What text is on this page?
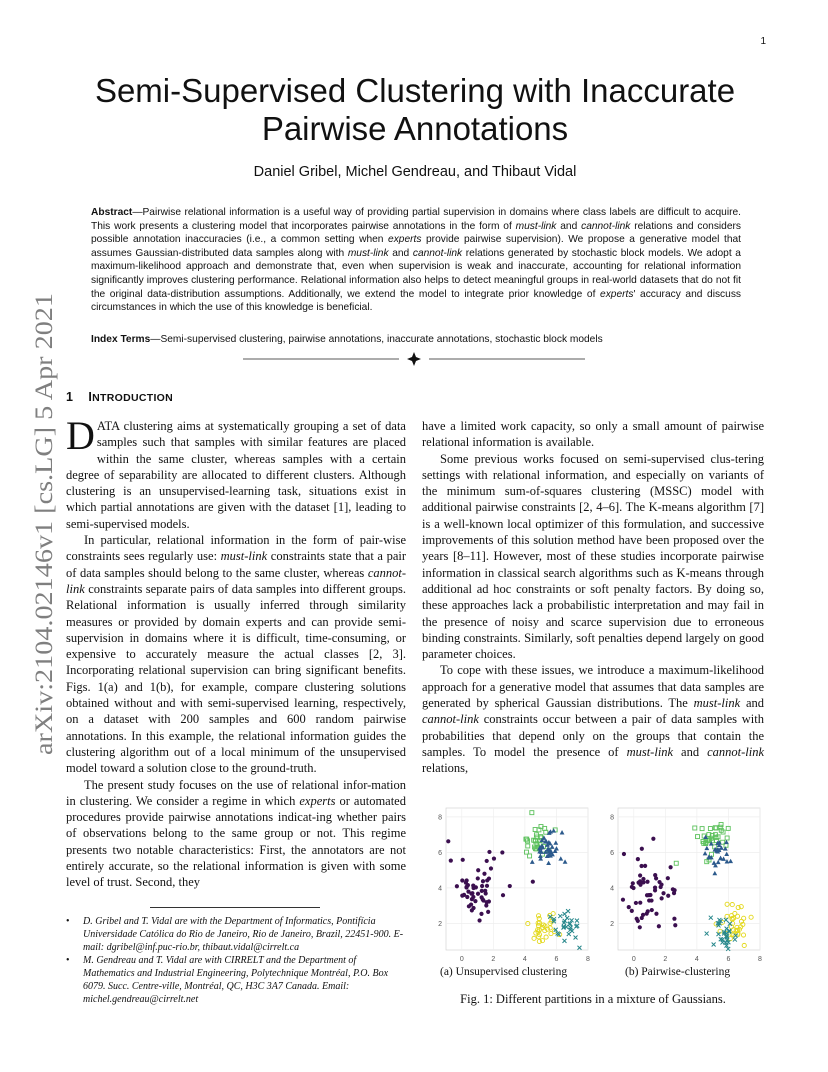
1
arXiv:2104.02146v1 [cs.LG] 5 Apr 2021
Semi-Supervised Clustering with Inaccurate Pairwise Annotations
Daniel Gribel, Michel Gendreau, and Thibaut Vidal
Abstract—Pairwise relational information is a useful way of providing partial supervision in domains where class labels are difficult to acquire. This work presents a clustering model that incorporates pairwise annotations in the form of must-link and cannot-link relations and considers possible annotation inaccuracies (i.e., a common setting when experts provide pairwise supervision). We propose a generative model that assumes Gaussian-distributed data samples along with must-link and cannot-link relations generated by stochastic block models. We adopt a maximum-likelihood approach and demonstrate that, even when supervision is weak and inaccurate, accounting for relational information significantly improves clustering performance. Relational information also helps to detect meaningful groups in real-world datasets that do not fit the original data-distribution assumptions. Additionally, we extend the model to integrate prior knowledge of experts' accuracy and discuss circumstances in which the use of this knowledge is beneficial.
Index Terms—Semi-supervised clustering, pairwise annotations, inaccurate annotations, stochastic block models
1 INTRODUCTION

DATA clustering aims at systematically grouping a set of data samples such that samples with similar features are placed within the same cluster, whereas samples with a certain degree of separability are allocated to different clusters. Although clustering is an unsupervised-learning task, situations exist in which partial annotations are given with the dataset [1], leading to semi-supervised models.

In particular, relational information in the form of pair-wise constraints sees regularly use: must-link constraints state that a pair of data samples should belong to the same cluster, whereas cannot-link constraints separate pairs of data samples into different groups. Relational information is usually inferred through similarity measures or provided by domain experts and can provide semi-supervision in domains where it is difficult, time-consuming, or expensive to accurately measure the actual classes [2, 3]. Incorporating relational supervision can bring significant benefits. Figs. 1(a) and 1(b), for example, compare clustering solutions obtained without and with semi-supervised learning, respectively, on a dataset with 200 samples and 600 random pairwise annotations. In this example, the relational information guides the clustering algorithm out of a local minimum of the unsupervised model toward a solution close to the ground-truth.

The present study focuses on the use of relational infor-mation in clustering. We consider a regime in which experts or automated procedures provide pairwise annotations indicat-ing whether pairs of observations belong to the same group or not. This regime presents two notable characteristics: First, the annotators are not entirely accurate, so the relational information is given with some level of trust. Second, they

• D. Gribel and T. Vidal are with the Department of Informatics, Pontifícia Universidade Católica do Rio de Janeiro, Rio de Janeiro, Brazil, 22451-900. E-mail: dgribel@inf.puc-rio.br, thibaut.vidal@cirrelt.ca
• M. Gendreau and T. Vidal are with CIRRELT and the Department of Mathematics and Industrial Engineering, Polytechnique Montréal, P.O. Box 6079. Succ. Centre-ville, Montréal, QC, H3C 3A7 Canada. Email: michel.gendreau@cirrelt.net

have a limited work capacity, so only a small amount of pairwise relational information is available.

Some previous works focused on semi-supervised clus-tering settings with relational information, and especially on variants of the minimum sum-of-squares clustering (MSSC) model with additional pairwise constraints [2, 4–6]. The K-means algorithm [7] is a well-known local optimizer of this formulation, and successive improvements of this solution method have been proposed over the years [8–11]. However, most of these studies incorporate pairwise information in classical search algorithms such as K-means through additional ad hoc constraints or soft penalty factors. By doing so, these approaches lack a probabilistic interpretation and may fail in the presence of noisy and scarce supervision due to erroneous binding constraints. Similarly, soft penalties depend largely on good parameter choices.

To cope with these issues, we introduce a maximum-likelihood approach for a generative model that assumes that data samples are generated by spherical Gaussian distributions. The must-link and cannot-link constraints occur between a pair of data samples with probabilities that depend only on the groups that contain the samples. To model the presence of must-link and cannot-link relations,

0	2	4	6	8
2
4
6
8
0	2	4	6	8
2
4
6
8
(a) Unsupervised clustering	(b) Pairwise-clustering
Fig. 1: Different partitions in a mixture of Gaussians.
